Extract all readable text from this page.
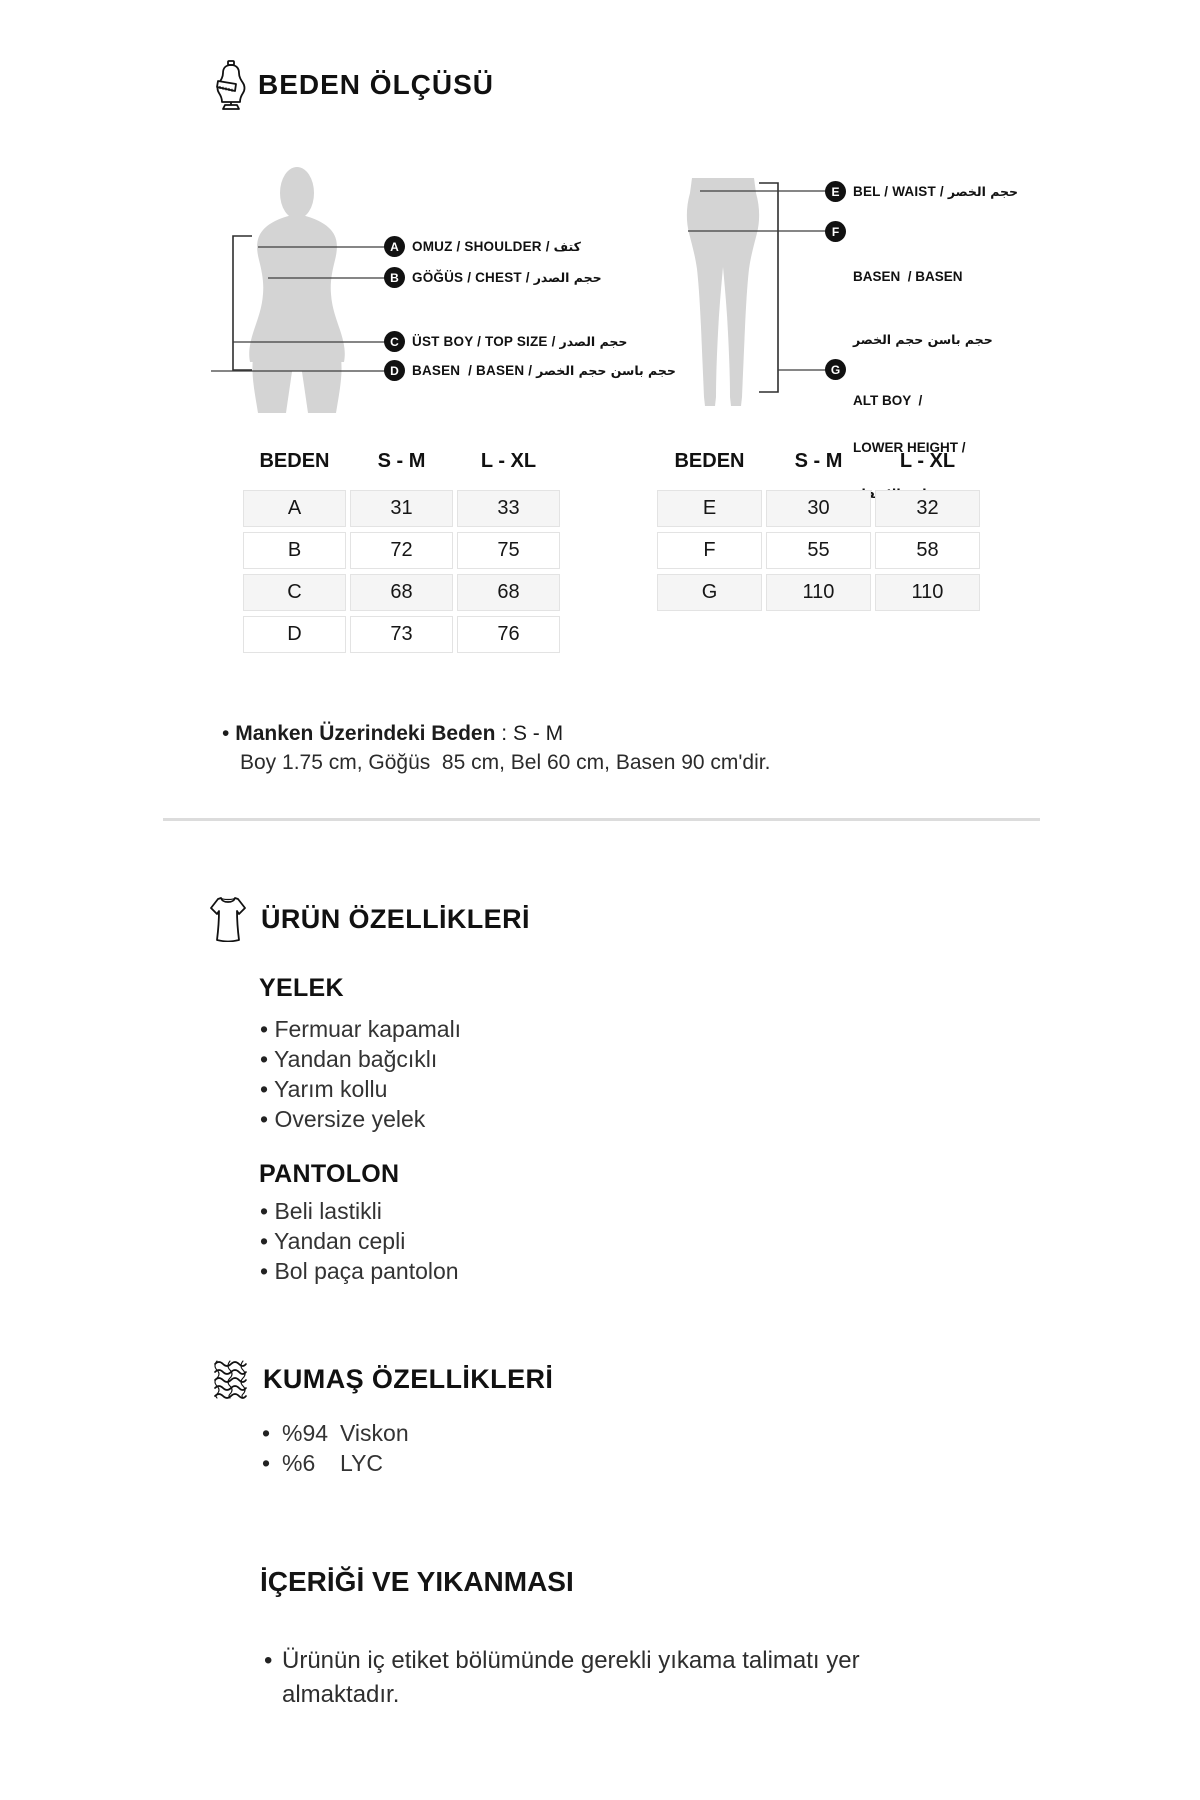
BEDEN ÖLÇÜSÜ
A OMUZ / SHOULDER / كتف
B GÖĞÜS / CHEST / حجم الصدر
C ÜST BOY / TOP SIZE / حجم الصدر
D BASEN  / BASEN / حجم باسن حجم الخصر
E	BEL / WAIST / حجم الخصر
F

BASEN  / BASEN

حجم باسن حجم الخصر

G

ALT BOY  /

LOWER HEIGHT /

BEDEN	S - M	L - XL
A	31	33
B	72	75
C	68	68
D	73	76
BEDEN	S - M	L - XL
E	30	32
F	55	58
G	110	110
• Manken Üzerindeki Beden : S - M
Boy 1.75 cm, Göğüs  85 cm, Bel 60 cm, Basen 90 cm'dir.
ÜRÜN ÖZELLİKLERİ
YELEK
• Fermuar kapamalı
• Yandan bağcıklı
• Yarım kollu
• Oversize yelek
PANTOLON
• Beli lastikli
• Yandan cepli
• Bol paça pantolon
KUMAŞ ÖZELLİKLERİ
• %94 Viskon
• %6	LYC
İÇERİĞİ VE YIKANMASI
• Ürünün iç etiket bölümünde gerekli yıkama talimatı yer almaktadır.
